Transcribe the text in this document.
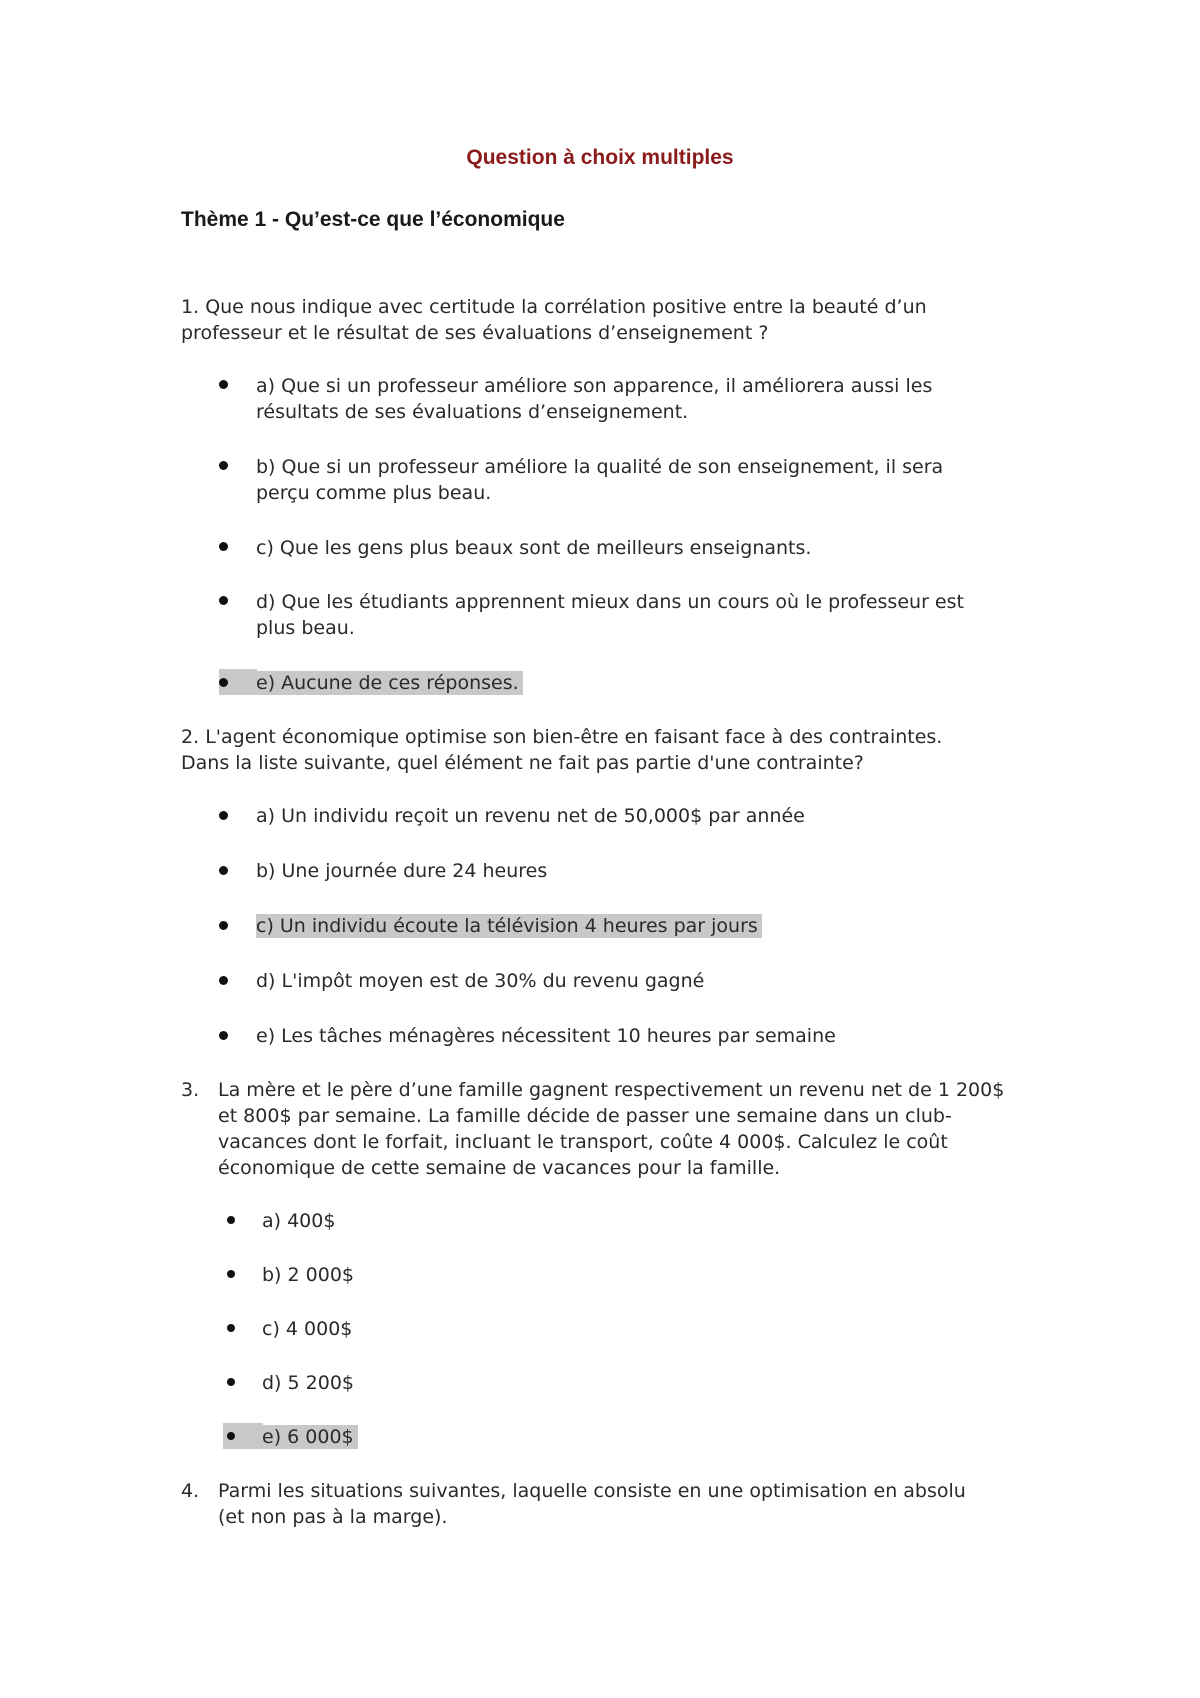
Question à choix multiples
Thème 1 - Qu’est-ce que l’économique
1. Que nous indique avec certitude la corrélation positive entre la beauté d’un
professeur et le résultat de ses évaluations d’enseignement ?
a) Que si un professeur améliore son apparence, il améliorera aussi les
résultats de ses évaluations d’enseignement.
b) Que si un professeur améliore la qualité de son enseignement, il sera
perçu comme plus beau.
c) Que les gens plus beaux sont de meilleurs enseignants.
d) Que les étudiants apprennent mieux dans un cours où le professeur est
plus beau.
e) Aucune de ces réponses.
2. L'agent économique optimise son bien-être en faisant face à des contraintes.
Dans la liste suivante, quel élément ne fait pas partie d'une contrainte?
a) Un individu reçoit un revenu net de 50,000$ par année
b) Une journée dure 24 heures
c) Un individu écoute la télévision 4 heures par jours
d) L'impôt moyen est de 30% du revenu gagné
e) Les tâches ménagères nécessitent 10 heures par semaine
3. La mère et le père d’une famille gagnent respectivement un revenu net de 1 200$
et 800$ par semaine. La famille décide de passer une semaine dans un club-
vacances dont le forfait, incluant le transport, coûte 4 000$. Calculez le coût
économique de cette semaine de vacances pour la famille.
a) 400$
b) 2 000$
c) 4 000$
d) 5 200$
e) 6 000$
4. Parmi les situations suivantes, laquelle consiste en une optimisation en absolu
(et non pas à la marge).
